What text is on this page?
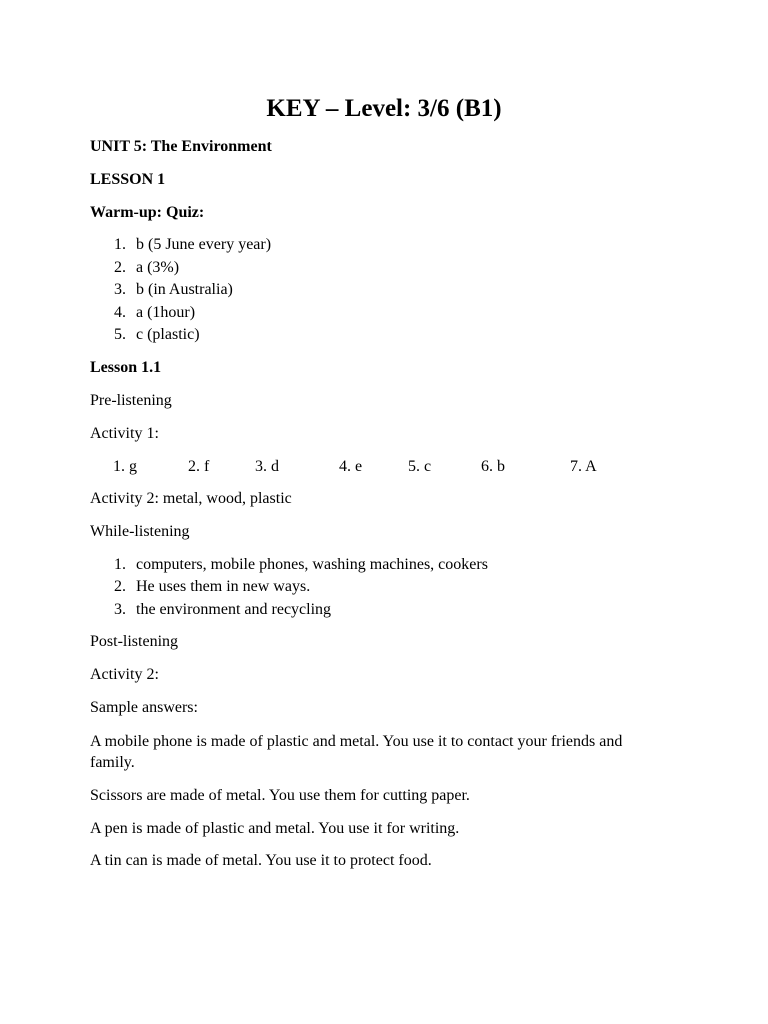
KEY – Level: 3/6 (B1)
UNIT 5: The Environment
LESSON 1
Warm-up: Quiz:
1. b (5 June every year)
2. a (3%)
3. b (in Australia)
4. a (1hour)
5. c (plastic)
Lesson 1.1
Pre-listening
Activity 1:
1. g	2. f	3. d	4. e	5. c	6. b	7. A
Activity 2: metal, wood, plastic
While-listening
1. computers, mobile phones, washing machines, cookers
2. He uses them in new ways.
3. the environment and recycling
Post-listening
Activity 2:
Sample answers:
A mobile phone is made of plastic and metal. You use it to contact your friends and family.
Scissors are made of metal. You use them for cutting paper.
A pen is made of plastic and metal. You use it for writing.
A tin can is made of metal. You use it to protect food.
